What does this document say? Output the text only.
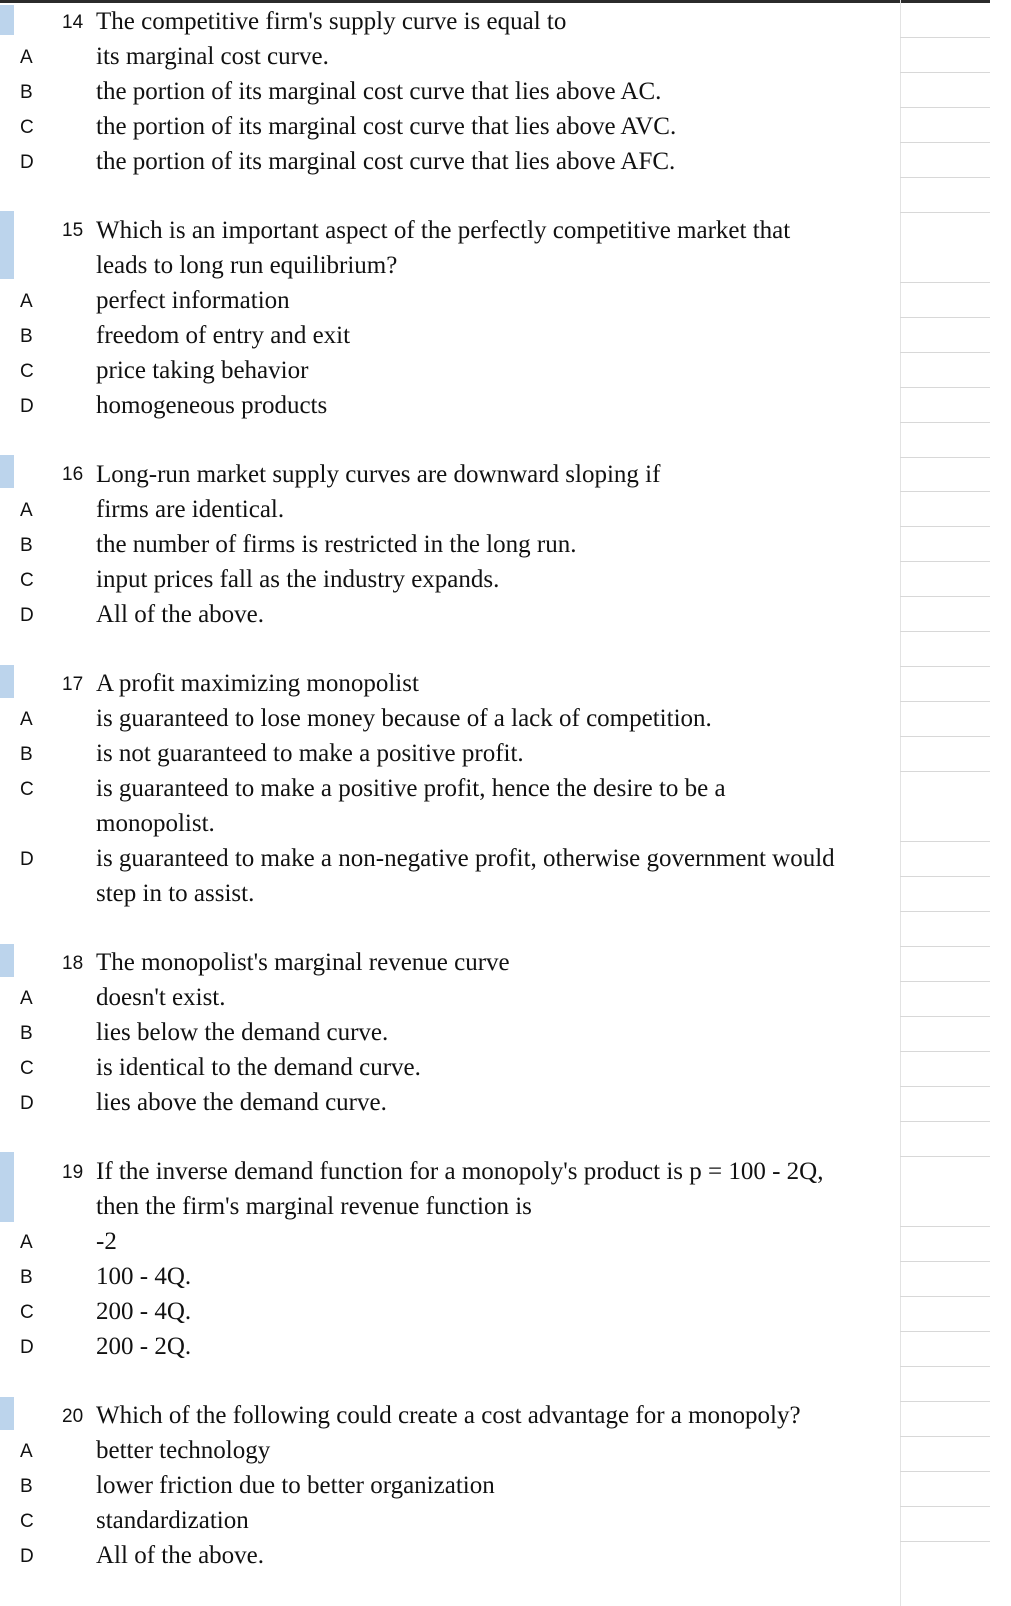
14 The competitive firm's supply curve is equal to
A	its marginal cost curve.
B	the portion of its marginal cost curve that lies above AC.
C the portion of its marginal cost curve that lies above AVC.
D the portion of its marginal cost curve that lies above AFC.
15 Which is an important aspect of the perfectly competitive market that
leads to long run equilibrium?
A	perfect information
B	freedom of entry and exit
C price taking behavior
D homogeneous products
16 Long-run market supply curves are downward sloping if
A	firms are identical.
B	the number of firms is restricted in the long run.
C input prices fall as the industry expands.
D All of the above.
17 A profit maximizing monopolist
A	is guaranteed to lose money because of a lack of competition.
B	is not guaranteed to make a positive profit.
C is guaranteed to make a positive profit, hence the desire to be a
monopolist.
D is guaranteed to make a non-negative profit, otherwise government would
step in to assist.
18 The monopolist's marginal revenue curve
A	doesn't exist.
B	lies below the demand curve.
C is identical to the demand curve.
D lies above the demand curve.
19 If the inverse demand function for a monopoly's product is p = 100 - 2Q,
then the firm's marginal revenue function is
A	-2
B	100 - 4Q.
C 200 - 4Q.
D 200 - 2Q.
20 Which of the following could create a cost advantage for a monopoly?
A	better technology
B	lower friction due to better organization
C standardization
D All of the above.
